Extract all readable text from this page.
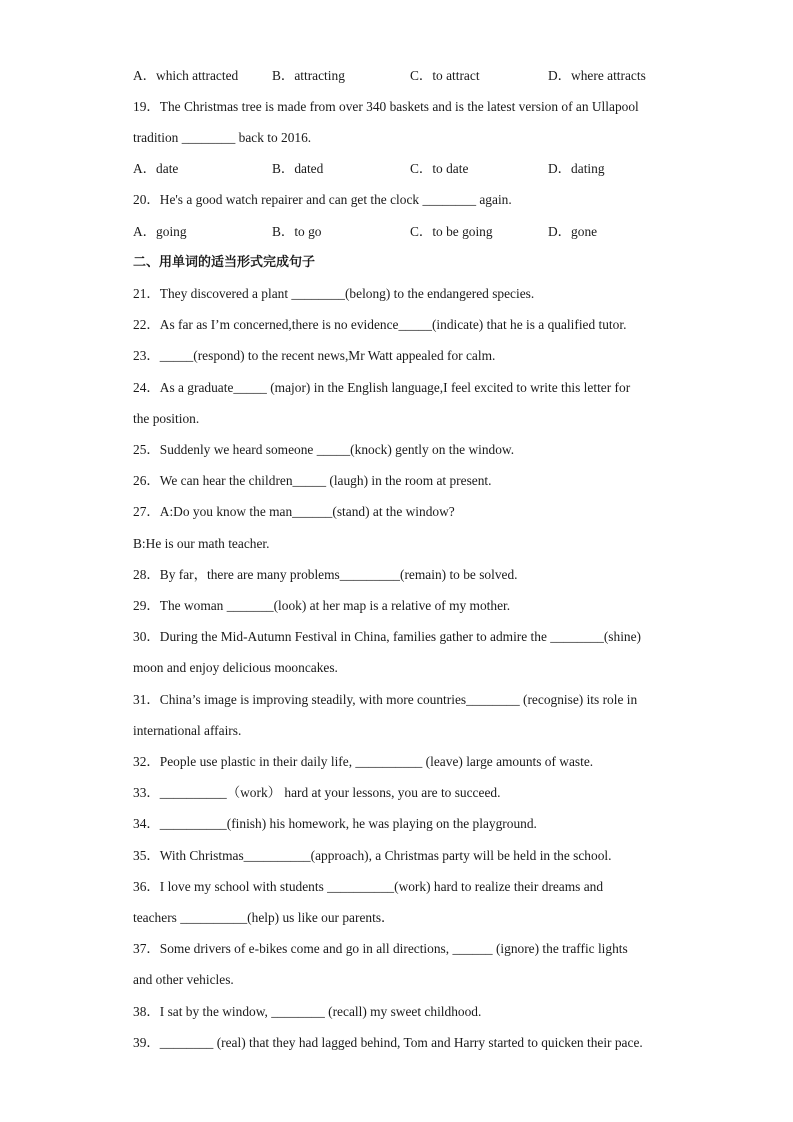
A．which attracted	B．attracting	C．to attract	D．where attracts
19．The Christmas tree is made from over 340 baskets and is the latest version of an Ullapool
tradition ________ back to 2016.
A．date	B．dated	C．to date	D．dating
20．He's a good watch repairer and can get the clock ________ again.
A．going	B．to go	C．to be going	D．gone
二、用单词的适当形式完成句子
21．They discovered a plant ________(belong) to the endangered species.
22．As far as I’m concerned,there is no evidence_____(indicate) that he is a qualified tutor.
23．_____(respond) to the recent news,Mr Watt appealed for calm.
24．As a graduate_____ (major) in the English language,I feel excited to write this letter for
the position.
25．Suddenly we heard someone _____(knock) gently on the window.
26．We can hear the children_____ (laugh) in the room at present.
27．A:Do you know the man______(stand) at the window?
B:He is our math teacher.
28．By far，there are many problems_________(remain) to be solved.
29．The woman _______(look) at her map is a relative of my mother.
30．During the Mid-Autumn Festival in China, families gather to admire the ________(shine)
moon and enjoy delicious mooncakes.
31．China’s image is improving steadily, with more countries________ (recognise) its role in
international affairs.
32．People use plastic in their daily life, __________ (leave) large amounts of waste.
33．__________（work） hard at your lessons, you are to succeed.
34．__________(finish) his homework, he was playing on the playground.
35．With Christmas__________(approach), a Christmas party will be held in the school.
36．I love my school with students __________(work) hard to realize their dreams and
teachers __________(help) us like our parents．
37．Some drivers of e-bikes come and go in all directions, ______ (ignore) the traffic lights
and other vehicles.
38．I sat by the window, ________ (recall) my sweet childhood.
39．________ (real) that they had lagged behind, Tom and Harry started to quicken their pace.
